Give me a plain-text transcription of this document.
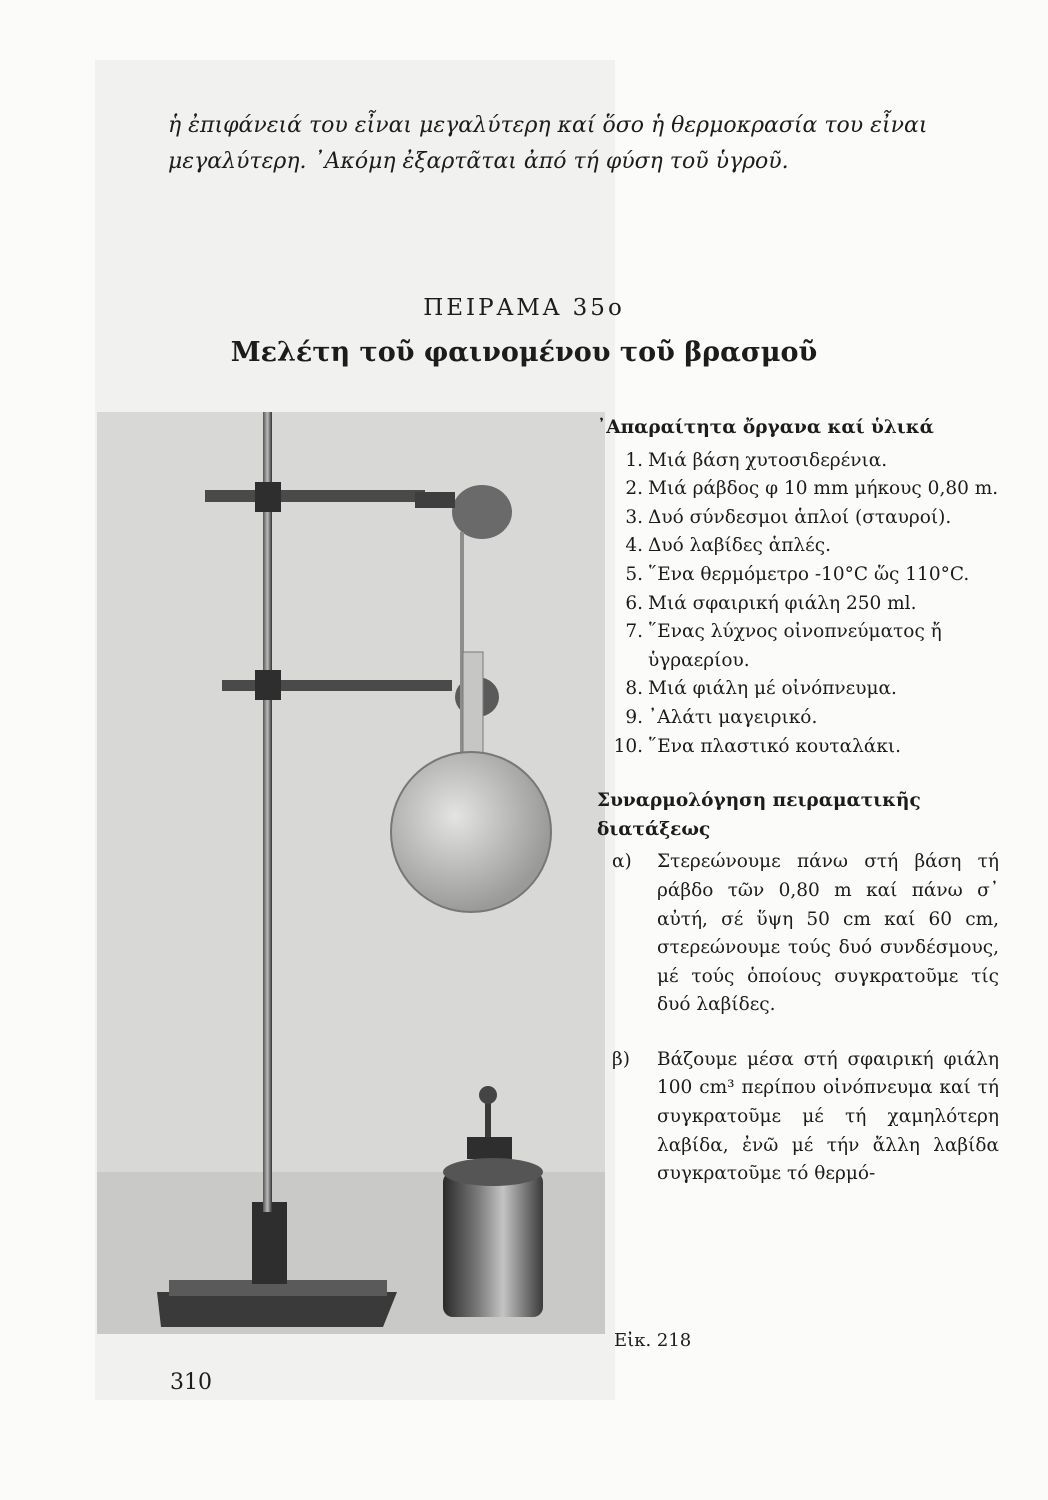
ἡ ἐπιφάνειά του εἶναι μεγαλύτερη καί ὅσο ἡ θερμοκρασία του εἶναι
μεγαλύτερη. ᾿Ακόμη ἐξαρτᾶται ἀπό τή φύση τοῦ ὑγροῦ.
ΠΕΙΡΑΜΑ 35ο
Μελέτη τοῦ φαινομένου τοῦ βρασμοῦ
᾿Απαραίτητα ὄργανα καί ὑλικά
1. Μιά βάση χυτοσιδερένια.
2. Μιά ράβδος φ 10 mm μήκους 0,80 m.
3. Δυό σύνδεσμοι ἁπλοί (σταυροί).
4. Δυό λαβίδες ἁπλές.
5. ῞Ενα θερμόμετρο -10°C ὥς 110°C.
6. Μιά σφαιρική φιάλη 250 ml.
7. ῞Ενας λύχνος οἰνοπνεύματος ἤ ὑγραερίου.
8. Μιά φιάλη μέ οἰνόπνευμα.
9. ᾿Αλάτι μαγειρικό.
10. ῞Ενα πλαστικό κουταλάκι.
Συναρμολόγηση πειραματικῆς διατάξεως
α) Στερεώνουμε πάνω στή βάση τή ράβδο τῶν 0,80 m καί πάνω σ᾿ αὐτή, σέ ὕψη 50 cm καί 60 cm, στερεώνουμε τούς δυό συνδέσμους, μέ τούς ὁποίους συγκρατοῦμε τίς δυό λαβίδες.
β) Βάζουμε μέσα στή σφαιρική φιάλη 100 cm³ περίπου οἰνόπνευμα καί τή συγκρατοῦμε μέ τή χαμηλότερη λαβίδα, ἐνῶ μέ τήν ἄλλη λαβίδα συγκρατοῦμε τό θερμό-
Εἰκ. 218
310
